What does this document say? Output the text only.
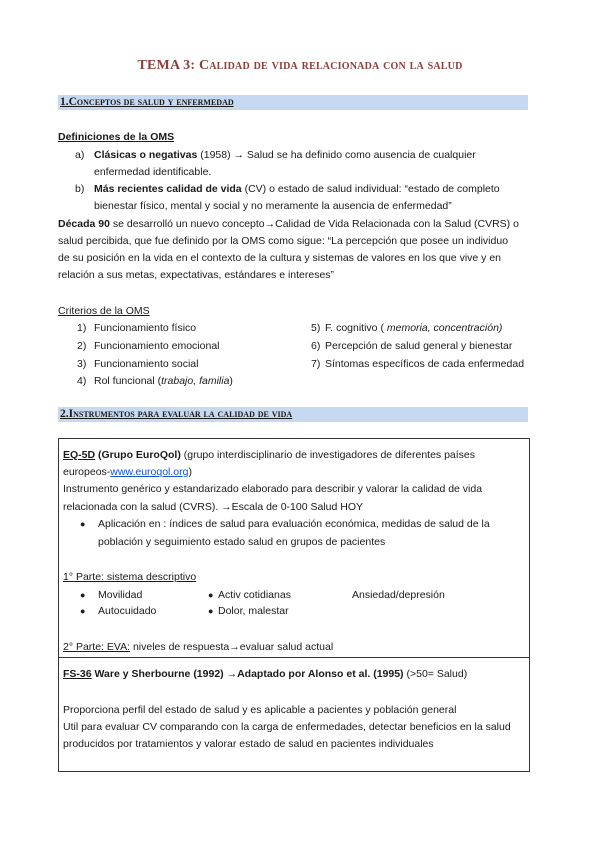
TEMA 3: Calidad de vida relacionada con la salud
1.Conceptos de salud y enfermedad
Definiciones de la OMS
a) Clásicas o negativas (1958) → Salud se ha definido como ausencia de cualquier
enfermedad identificable.
b) Más recientes calidad de vida (CV) o estado de salud individual: “estado de completo
bienestar físico, mental y social y no meramente la ausencia de enfermedad”
Década 90 se desarrolló un nuevo concepto→Calidad de Vida Relacionada con la Salud (CVRS) o
salud percibida, que fue definido por la OMS como sigue: “La percepción que posee un individuo
de su posición en la vida en el contexto de la cultura y sistemas de valores en los que vive y en
relación a sus metas, expectativas, estándares e intereses”
Criterios de la OMS
1) Funcionamiento físico
2) Funcionamiento emocional
3) Funcionamiento social
4) Rol funcional (trabajo, familia)
5) F. cognitivo ( memoria, concentración)
6) Percepción de salud general y bienestar
7) Síntomas específicos de cada enfermedad
2.Instrumentos para evaluar la calidad de vida
EQ-5D (Grupo EuroQol) (grupo interdisciplinario de investigadores de diferentes países
europeos-www.euroqol.org)
Instrumento genérico y estandarizado elaborado para describir y valorar la calidad de vida
relacionada con la salud (CVRS). →Escala de 0-100 Salud HOY
● Aplicación en : índices de salud para evaluación económica, medidas de salud de la
población y seguimiento estado salud en grupos de pacientes
1° Parte: sistema descriptivo
● Movilidad
● Autocuidado
● Activ cotidianas
● Dolor, malestar
Ansiedad/depresión
2° Parte: EVA: niveles de respuesta→evaluar salud actual
FS-36 Ware y Sherbourne (1992) →Adaptado por Alonso et al. (1995) (>50= Salud)
Proporciona perfil del estado de salud y es aplicable a pacientes y población general
Util para evaluar CV comparando con la carga de enfermedades, detectar beneficios en la salud
producidos por tratamientos y valorar estado de salud en pacientes individuales
